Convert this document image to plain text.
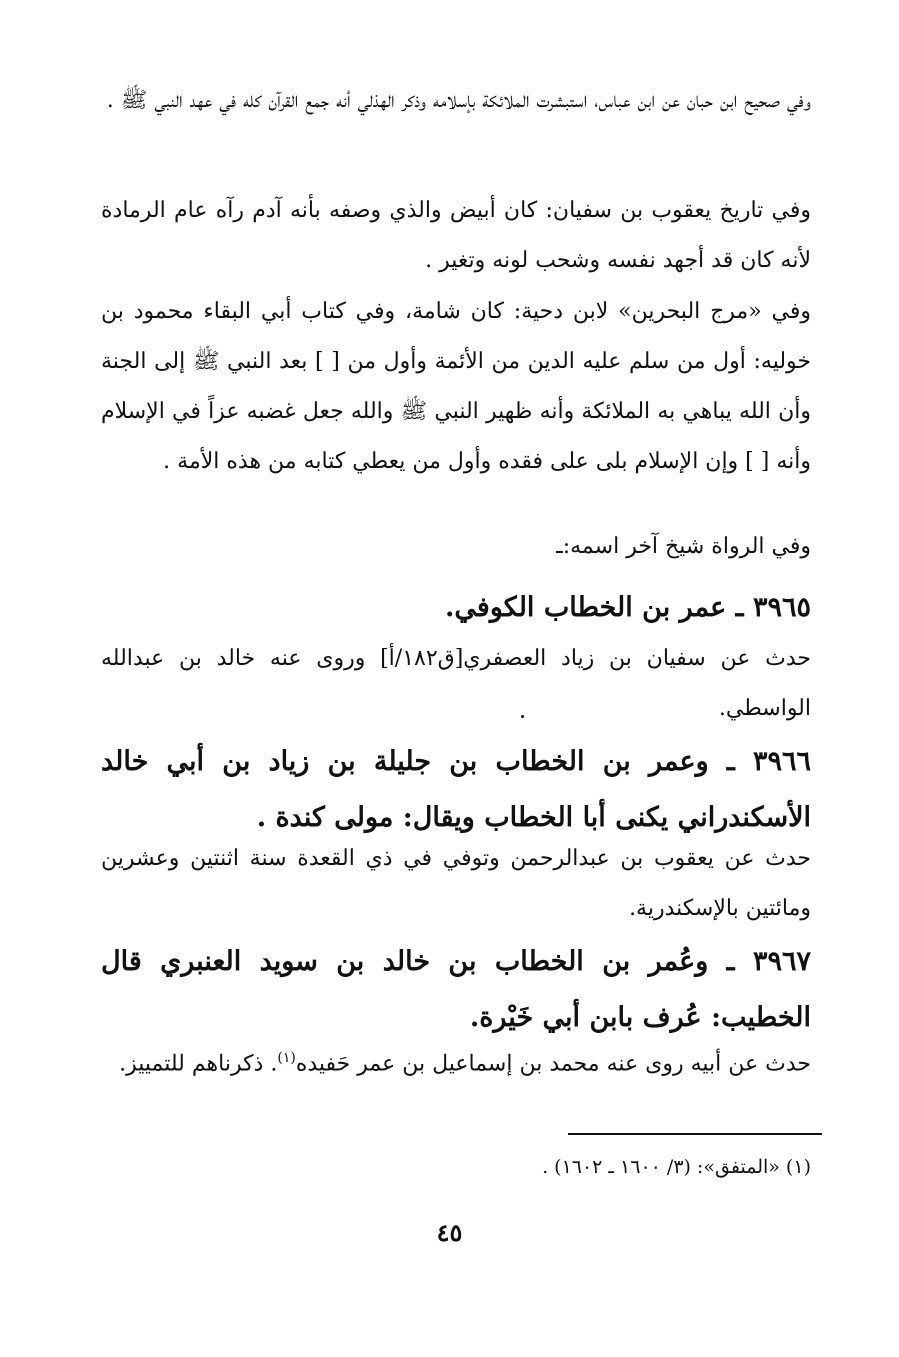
وفي صحيح ابن حبان عن ابن عباس، استبشرت الملائكة بإسلامه وذكر الهذلي أنه جمع القرآن كله في عهد النبي ﷺ .
وفي تاريخ يعقوب بن سفيان: كان أبيض والذي وصفه بأنه آدم رآه عام الرمادة لأنه كان قد أجهد نفسه وشحب لونه وتغير .
وفي «مرج البحرين» لابن دحية: كان شامة، وفي كتاب أبي البقاء محمود بن خوليه: أول من سلم عليه الدين من الأئمة وأول من [ ] بعد النبي ﷺ إلى الجنة وأن الله يباهي به الملائكة وأنه ظهير النبي ﷺ والله جعل غضبه عزاً في الإسلام وأنه [ ] وإن الإسلام بلى على فقده وأول من يعطي كتابه من هذه الأمة .
وفي الرواة شيخ آخر اسمه:ـ
٣٩٦٥ ـ عمر بن الخطاب الكوفي.
حدث عن سفيان بن زياد العصفري[ق١٨٢/أ] وروى عنه خالد بن عبدالله الواسطي.
٣٩٦٦ ـ وعمر بن الخطاب بن جليلة بن زياد بن أبي خالد الأسكندراني يكنى أبا الخطاب ويقال: مولى كندة .
حدث عن يعقوب بن عبدالرحمن وتوفي في ذي القعدة سنة اثنتين وعشرين ومائتين بالإسكندرية.
٣٩٦٧ ـ وعُمر بن الخطاب بن خالد بن سويد العنبري قال الخطيب: عُرف بابن أبي خَيْرة.
حدث عن أبيه روى عنه محمد بن إسماعيل بن عمر حَفيده$^{(١)}$. ذكرناهم للتمييز.
(١) «المتفق»: (٣/ ١٦٠٠ ـ ١٦٠٢) .
٤٥
